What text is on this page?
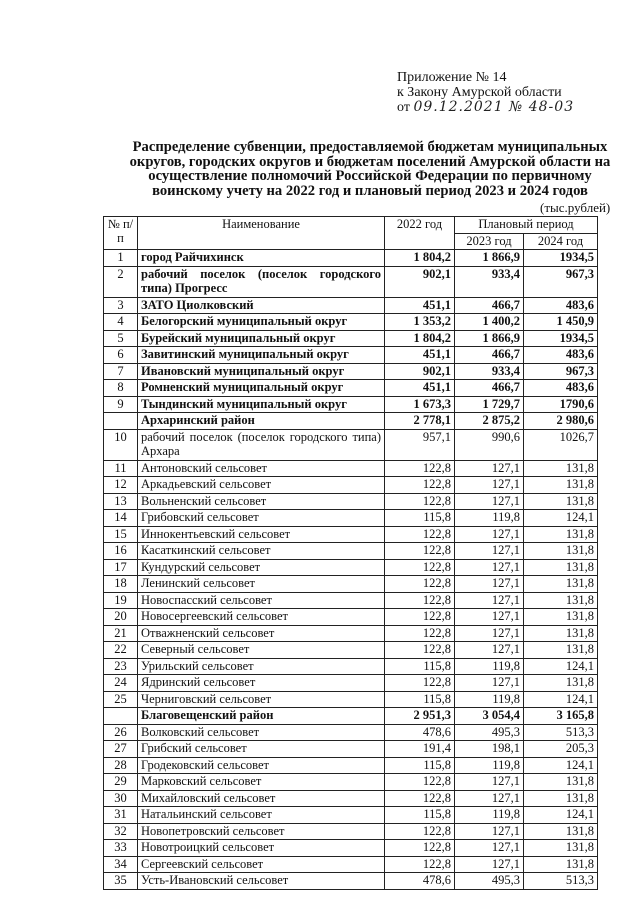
Приложение № 14
к Закону Амурской области
от 09.12.2021 № 48-03
Распределение субвенции, предоставляемой бюджетам муниципальных
округов, городских округов и бюджетам поселений Амурской области на
осуществление полномочий Российской Федерации по первичному
воинскому учету на 2022 год и плановый период 2023 и 2024 годов
(тыс.рублей)
№ п/п	Наименование	2022 год	Плановый период	
			2023 год	2024 год
1	город Райчихинск	1 804,2	1 866,9	1934,5
2	рабочий поселок (поселок городского типа) Прогресс	902,1	933,4	967,3
3	ЗАТО Циолковский	451,1	466,7	483,6
4	Белогорский муниципальный округ	1 353,2	1 400,2	1 450,9
5	Бурейский муниципальный округ	1 804,2	1 866,9	1934,5
6	Завитинский муниципальный округ	451,1	466,7	483,6
7	Ивановский муниципальный округ	902,1	933,4	967,3
8	Ромненский муниципальный округ	451,1	466,7	483,6
9	Тындинский муниципальный округ	1 673,3	1 729,7	1790,6
	Архаринский район	2 778,1	2 875,2	2 980,6
10	рабочий поселок (поселок городского типа) Архара	957,1	990,6	1026,7
11	Антоновский сельсовет	122,8	127,1	131,8
12	Аркадьевский сельсовет	122,8	127,1	131,8
13	Вольненский сельсовет	122,8	127,1	131,8
14	Грибовский сельсовет	115,8	119,8	124,1
15	Иннокентьевский сельсовет	122,8	127,1	131,8
16	Касаткинский сельсовет	122,8	127,1	131,8
17	Кундурский сельсовет	122,8	127,1	131,8
18	Ленинский сельсовет	122,8	127,1	131,8
19	Новоспасский сельсовет	122,8	127,1	131,8
20	Новосергеевский сельсовет	122,8	127,1	131,8
21	Отважненский сельсовет	122,8	127,1	131,8
22	Северный сельсовет	122,8	127,1	131,8
23	Урильский сельсовет	115,8	119,8	124,1
24	Ядринский сельсовет	122,8	127,1	131,8
25	Черниговский сельсовет	115,8	119,8	124,1
	Благовещенский район	2 951,3	3 054,4	3 165,8
26	Волковский сельсовет	478,6	495,3	513,3
27	Грибский сельсовет	191,4	198,1	205,3
28	Гродековский сельсовет	115,8	119,8	124,1
29	Марковский сельсовет	122,8	127,1	131,8
30	Михайловский сельсовет	122,8	127,1	131,8
31	Натальинский сельсовет	115,8	119,8	124,1
32	Новопетровский сельсовет	122,8	127,1	131,8
33	Новотроицкий сельсовет	122,8	127,1	131,8
34	Сергеевский сельсовет	122,8	127,1	131,8
35	Усть-Ивановский сельсовет	478,6	495,3	513,3
